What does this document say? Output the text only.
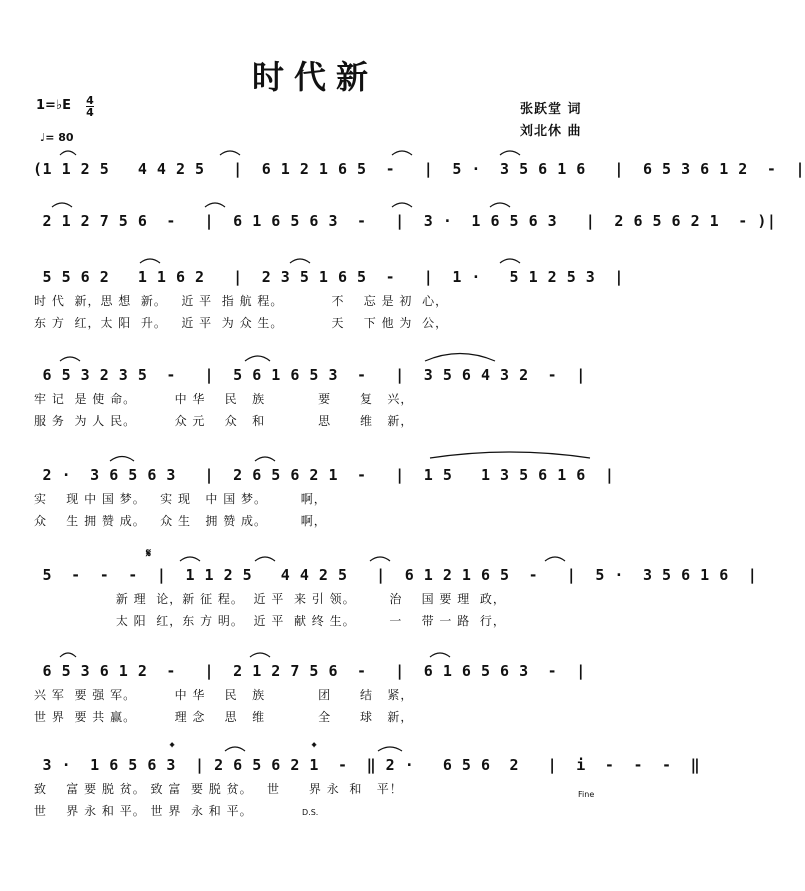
时代新
张跃堂 词
刘北休 曲
1=♭E 4
4
♩= 80
(1 1 2 5   4 4 2 5   |  6 1 2 1 6 5  -   |  5 ·  3 5 6 1 6   |  6 5 3 6 1 2  -  |
2 1 2 7 5 6  -   |  6 1 6 5 6 3  -   |  3 ·  1 6 5 6 3   |  2 6 5 6 2 1  - )|
5 5 6 2   1 1 6 2   |  2 3 5 1 6 5  -   |  1 ·   5 1 2 5 3  |
时 代  新，思 想  新。   近 平  指 航 程。          不    忘 是 初  心，
东 方  红，太 阳  升。   近 平  为 众 生。          天    下 他 为  公，
6 5 3 2 3 5  -   |  5 6 1 6 5 3  -   |  3 5 6 4 3 2  -  |
牢 记  是 使 命。        中 华    民   族           要      复   兴，
服 务  为 人 民。        众 元    众   和           思      维   新，
2 ·  3 6 5 6 3   |  2 6 5 6 2 1  -   |  1 5   1 3 5 6 1 6  |
实    现 中 国 梦。   实 现   中 国 梦。       啊，
众    生 拥 赞 成。   众 生   拥 赞 成。       啊，
5  -  -  -  |  1 1 2 5   4 4 2 5   |  6 1 2 1 6 5  -   |  5 ·  3 5 6 1 6  |
新 理  论，新 征 程。  近 平  来 引 领。       治    国 要 理  政，
太 阳  红，东 方 明。  近 平  献 终 生。       一    带 一 路  行，
6 5 3 6 1 2  -   |  2 1 2 7 5 6  -   |  6 1 6 5 6 3  -  |
兴 军  要 强 军。        中 华    民   族           团      结   紧，
世 界  要 共 赢。        理 念    思   维           全      球   新，
3 ·  1 6 5 6 3  | 2 6 5 6 2 1  -  ‖ 2 ·   6 5 6  2   |  i  -  -  -  ‖
致    富 要 脱 贫。 致 富  要 脱 贫。   世      界 永  和   平！
世    界 永 和 平。 世 界  永 和 平。
𝄋
𝄌	𝄌
Fine
D.S.
